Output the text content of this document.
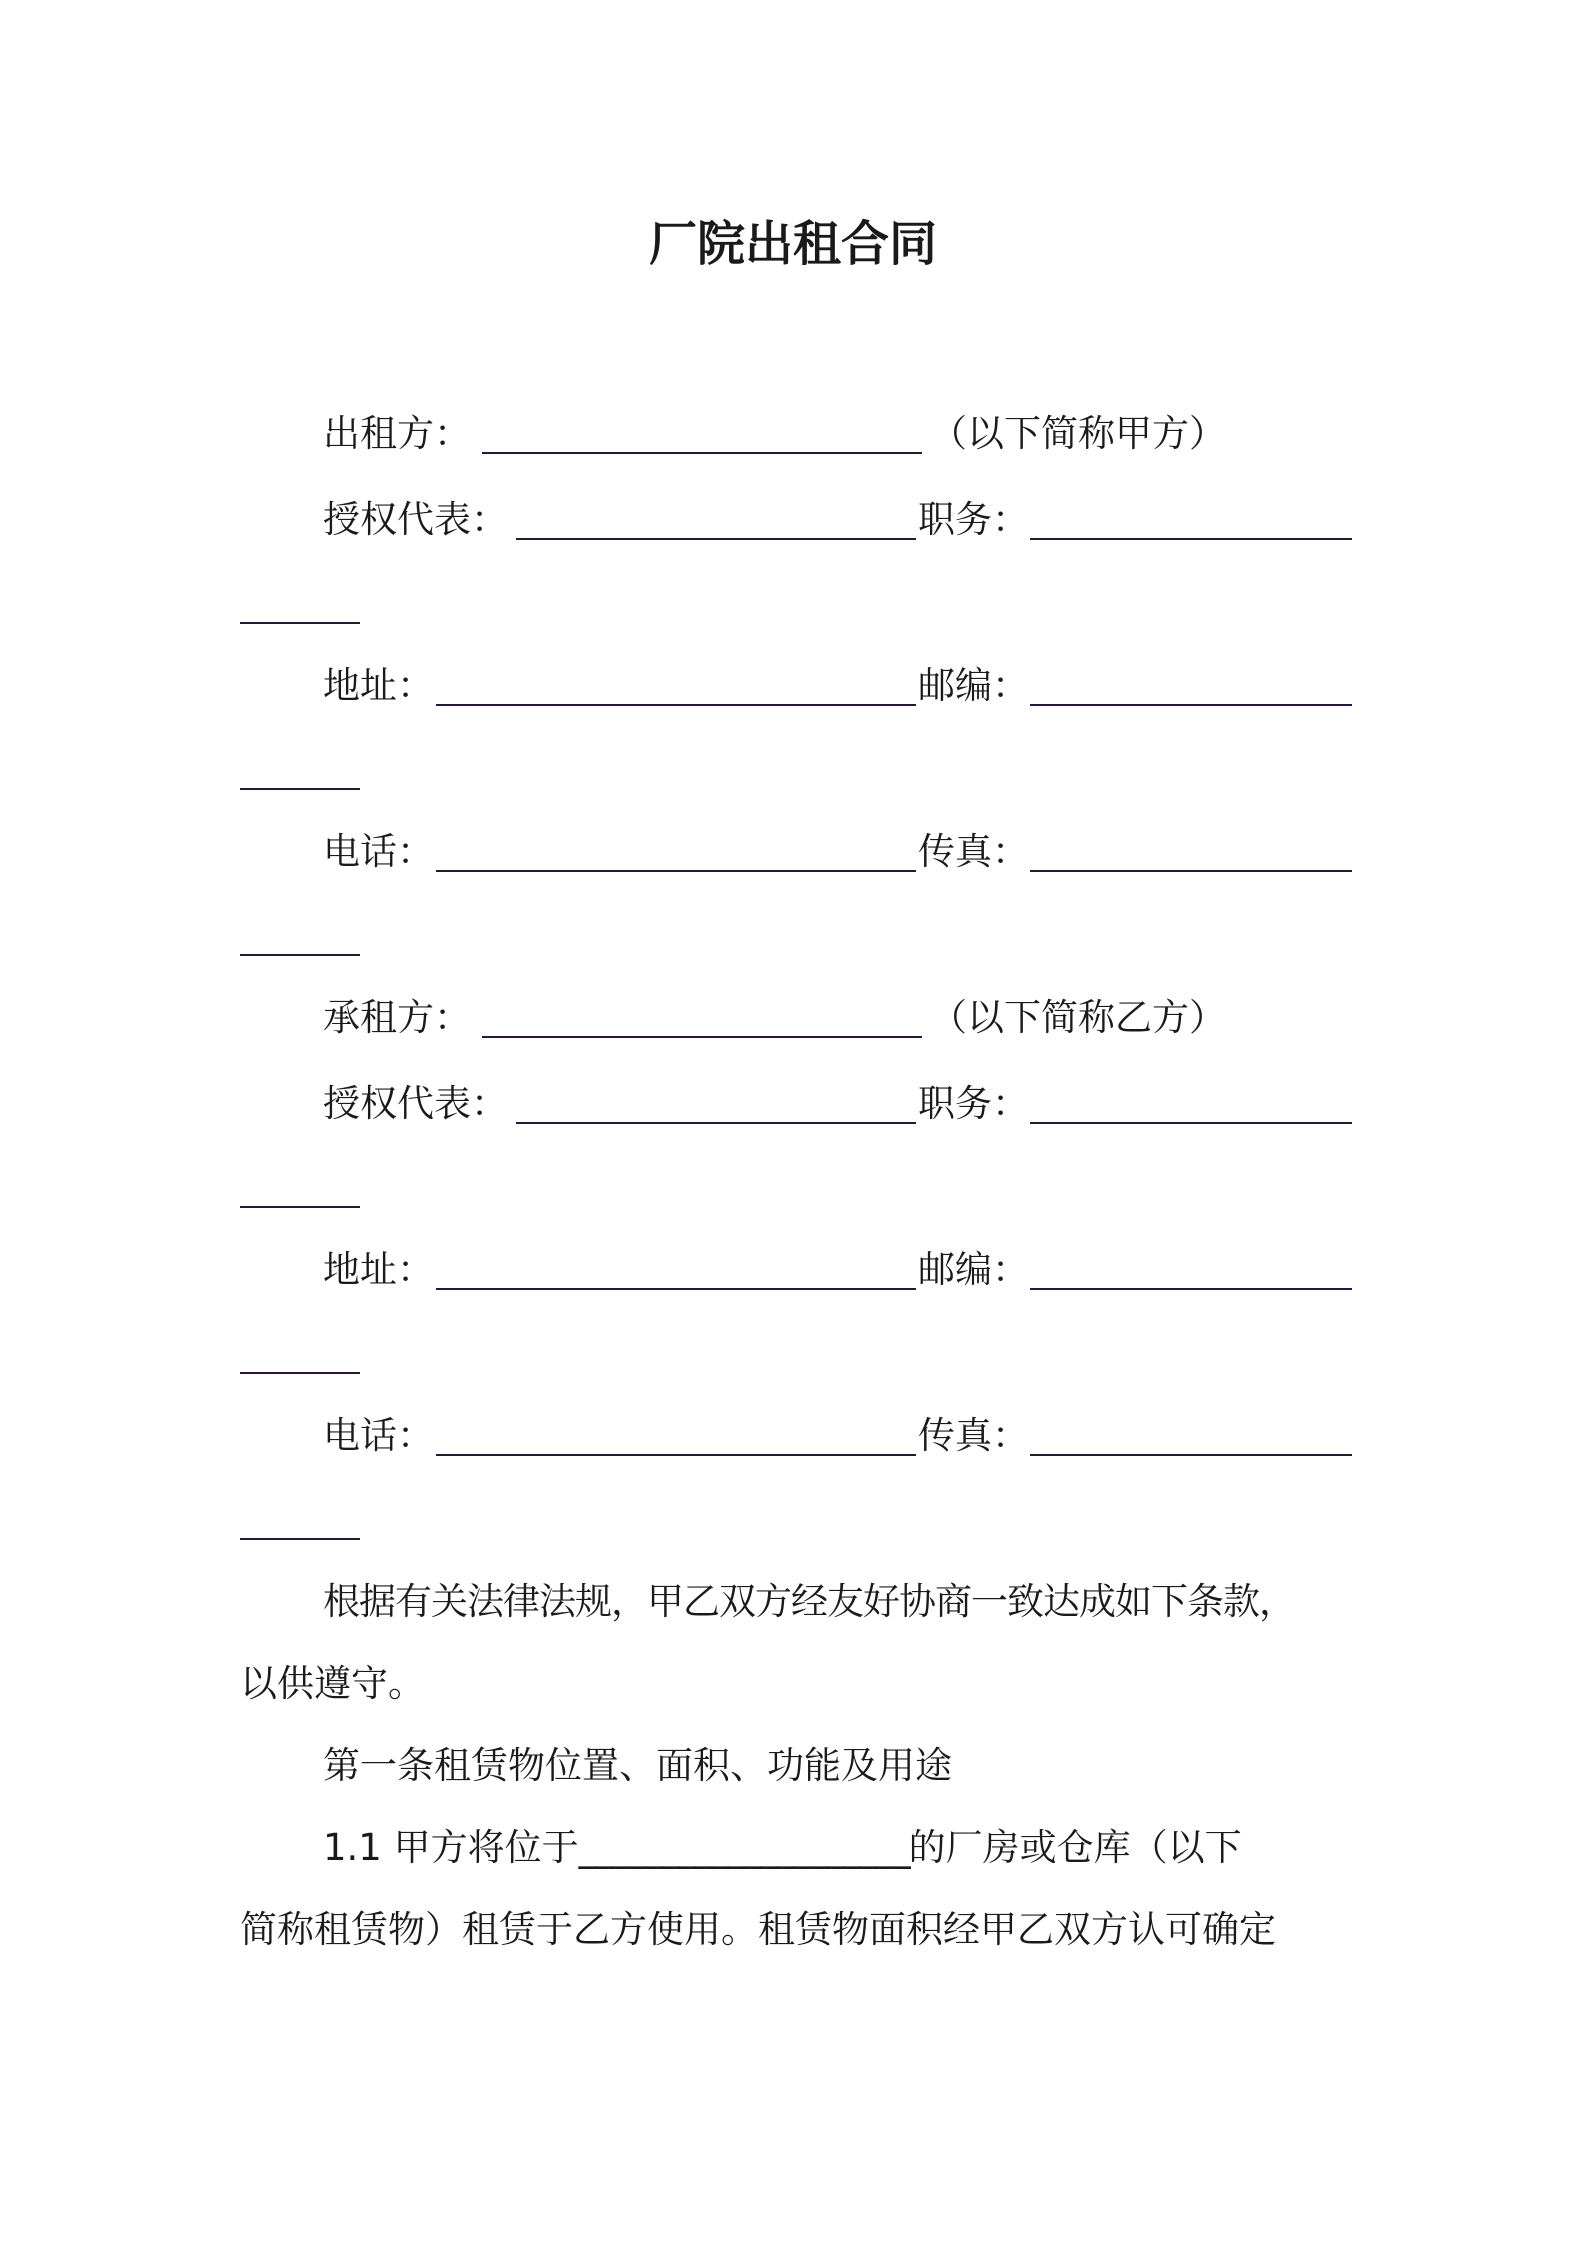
厂院出租合同
出租方：	（以下简称甲方）
授权代表：	职务：
地址：	邮编：
电话：	传真：
承租方：	（以下简称乙方）
授权代表：	职务：
地址：	邮编：
电话：	传真：
根据有关法律法规，甲乙双方经友好协商一致达成如下条款，
以供遵守。
第一条租赁物位置、面积、功能及用途
1.1 甲方将位于____________________的厂房或仓库（以下
简称租赁物）租赁于乙方使用。租赁物面积经甲乙双方认可确定
